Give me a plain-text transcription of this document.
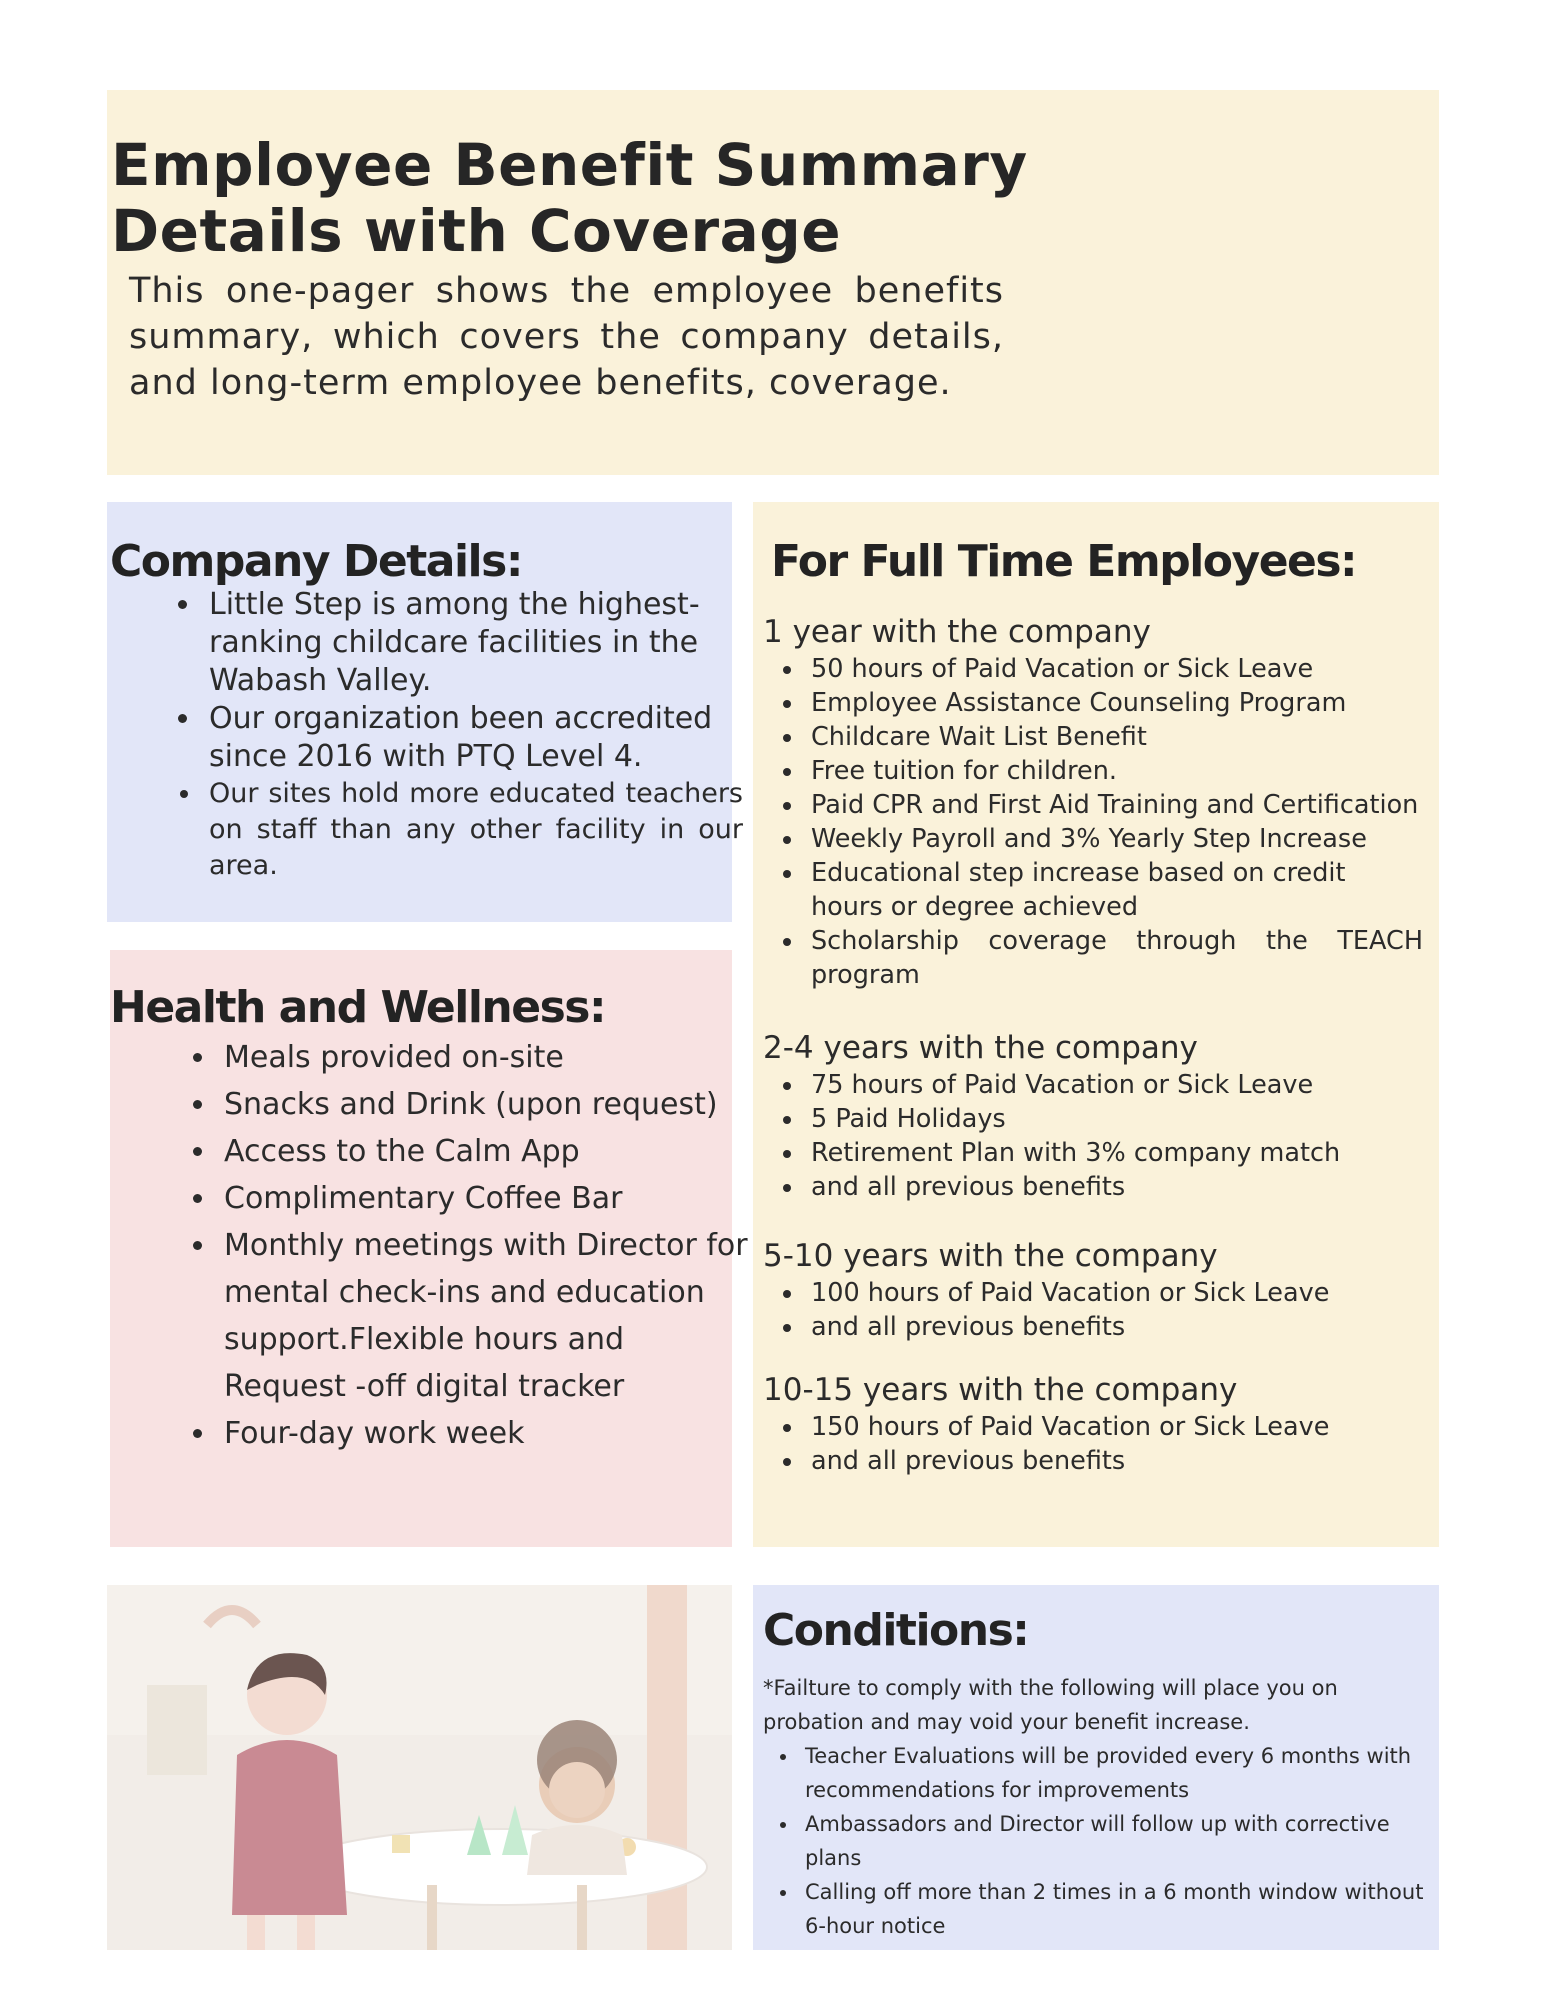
Employee Benefit Summary
Details with Coverage

This one-pager shows the employee benefits summary, which covers the company details, and long-term employee benefits, coverage.

Company Details:
• Little Step is among the highest-ranking childcare facilities in the Wabash Valley.
• Our organization been accredited since 2016 with PTQ Level 4.
• Our sites hold more educated teachers on staff than any other facility in our area.
Health and Wellness:
• Meals provided on-site
• Snacks and Drink (upon request)
• Access to the Calm App
• Complimentary Coffee Bar
• Monthly meetings with Director for mental check-ins and education support.Flexible hours and Request -off digital tracker
• Four-day work week
For Full Time Employees:

1 year with the company

• 50 hours of Paid Vacation or Sick Leave
• Employee Assistance Counseling Program
• Childcare Wait List Benefit
• Free tuition for children.
• Paid CPR and First Aid Training and Certification
• Weekly Payroll and 3% Yearly Step Increase
• Educational step increase based on credit hours or degree achieved
• Scholarship coverage through the TEACH program

2-4 years with the company

• 75 hours of Paid Vacation or Sick Leave
• 5 Paid Holidays
• Retirement Plan with 3% company match
• and all previous benefits

5-10 years with the company

• 100 hours of Paid Vacation or Sick Leave
• and all previous benefits

10-15 years with the company

• 150 hours of Paid Vacation or Sick Leave
• and all previous benefits
Conditions:

*Failture to comply with the following will place you on probation and may void your benefit increase.

• Teacher Evaluations will be provided every 6 months with recommendations for improvements
• Ambassadors and Director will follow up with corrective plans
• Calling off more than 2 times in a 6 month window without 6-hour notice
